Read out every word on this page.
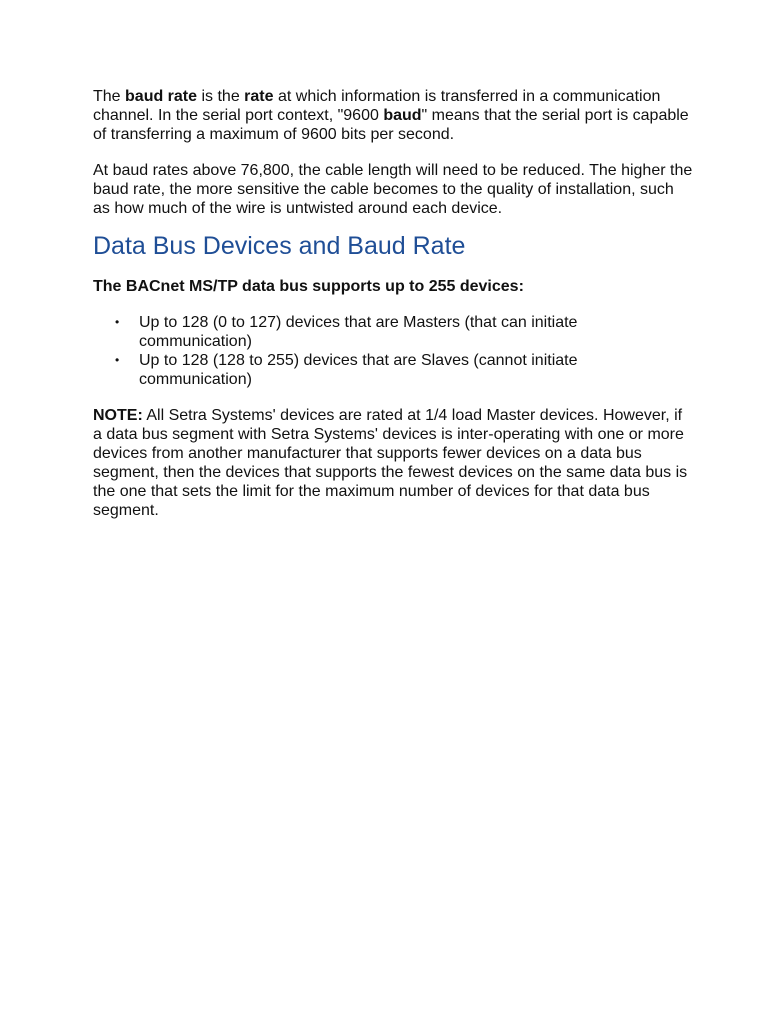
The baud rate is the rate at which information is transferred in a communication channel. In the serial port context, "9600 baud" means that the serial port is capable of transferring a maximum of 9600 bits per second.

At baud rates above 76,800, the cable length will need to be reduced. The higher the baud rate, the more sensitive the cable becomes to the quality of installation, such as how much of the wire is untwisted around each device.

Data Bus Devices and Baud Rate

The BACnet MS/TP data bus supports up to 255 devices:

• Up to 128 (0 to 127) devices that are Masters (that can initiate communication)
• Up to 128 (128 to 255) devices that are Slaves (cannot initiate communication)

NOTE: All Setra Systems' devices are rated at 1/4 load Master devices. However, if a data bus segment with Setra Systems' devices is inter-operating with one or more devices from another manufacturer that supports fewer devices on a data bus segment, then the devices that supports the fewest devices on the same data bus is the one that sets the limit for the maximum number of devices for that data bus segment.
